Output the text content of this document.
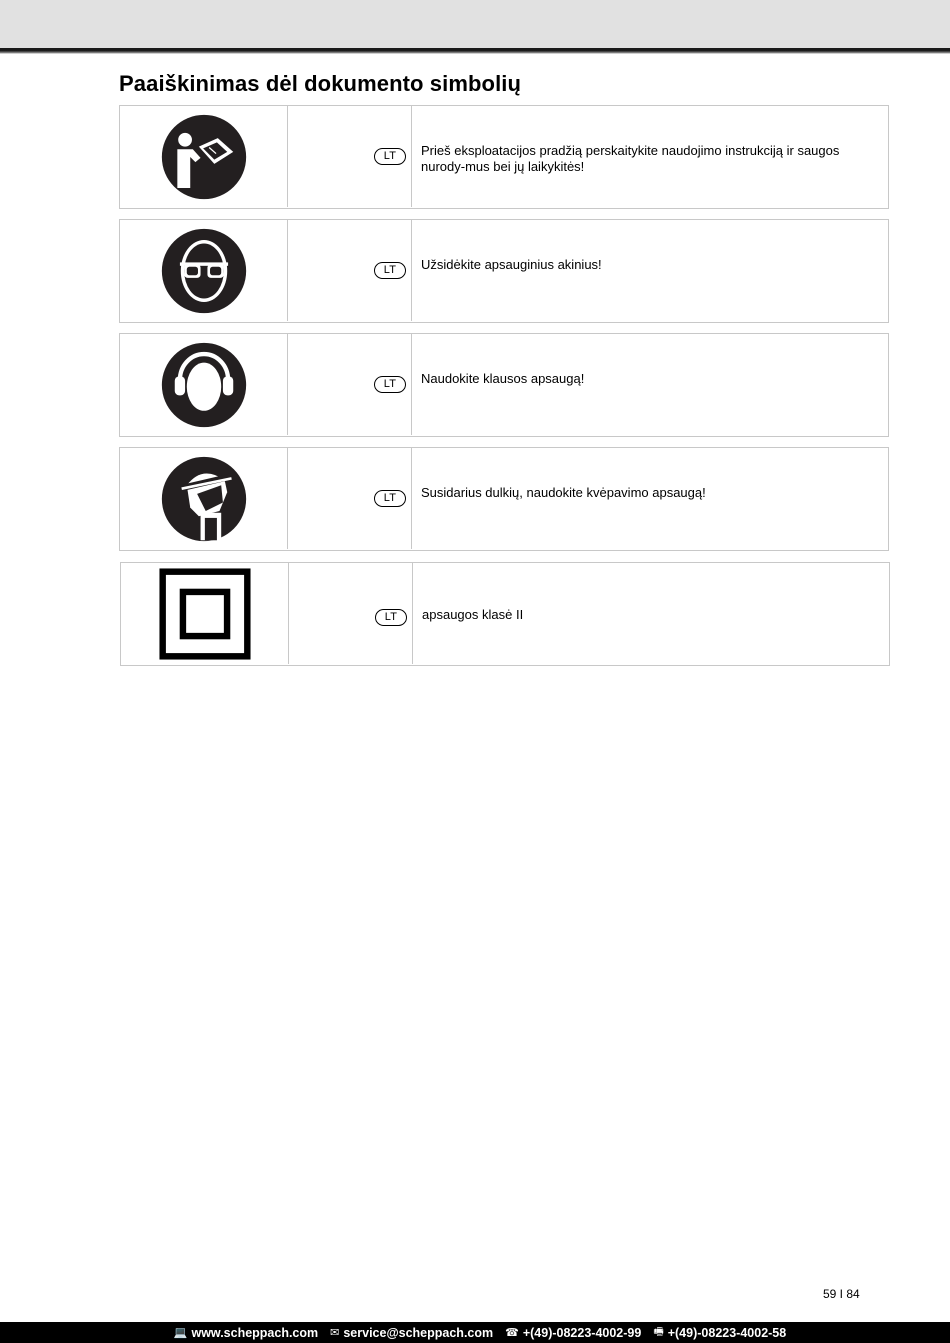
Paaiškinimas dėl dokumento simbolių
LT	Prieš eksploatacijos pradžią perskaitykite naudojimo instrukciją ir saugos nurody-mus bei jų laikykitės!
LT	Užsidėkite apsauginius akinius!
LT	Naudokite klausos apsaugą!
LT	Susidarius dulkių, naudokite kvėpavimo apsaugą!
LT	apsaugos klasė II
59 I 84
💻 www.scheppach.com ✉ service@scheppach.com ☎ +(49)-08223-4002-99 🖷 +(49)-08223-4002-58
